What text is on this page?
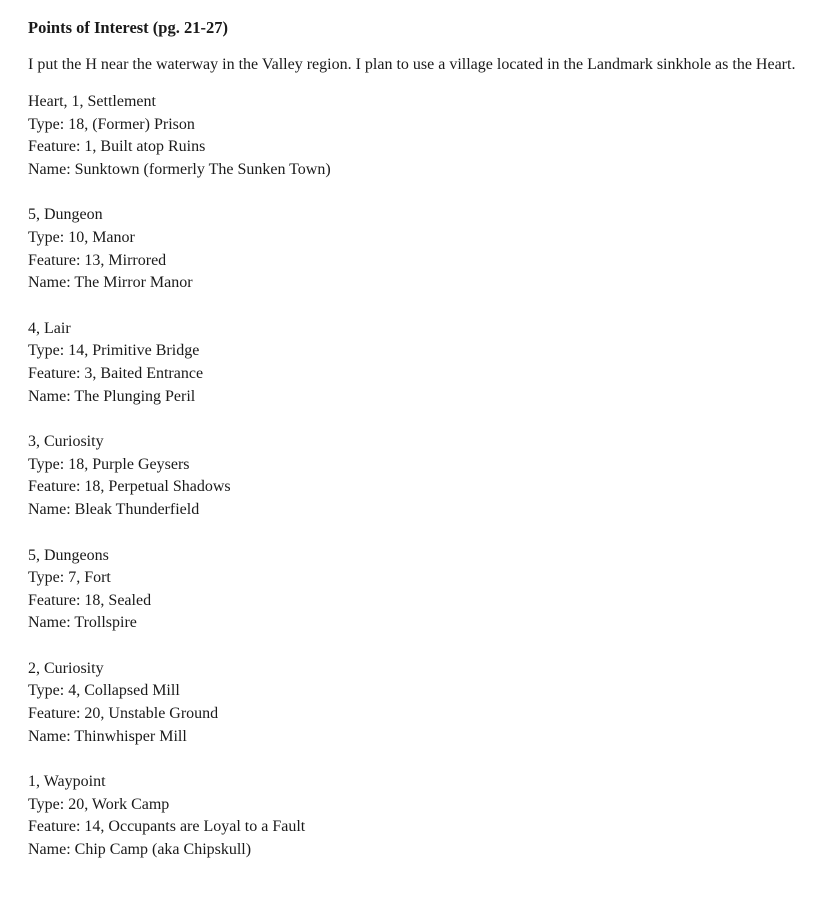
Points of Interest (pg. 21-27)

I put the H near the waterway in the Valley region. I plan to use a village located in the Landmark sinkhole as the Heart.

Heart, 1, Settlement
Type: 18, (Former) Prison
Feature: 1, Built atop Ruins
Name: Sunktown (formerly The Sunken Town)
5, Dungeon
Type: 10, Manor
Feature: 13, Mirrored
Name: The Mirror Manor
4, Lair
Type: 14, Primitive Bridge
Feature: 3, Baited Entrance
Name: The Plunging Peril
3, Curiosity
Type: 18, Purple Geysers
Feature: 18, Perpetual Shadows
Name: Bleak Thunderfield
5, Dungeons
Type: 7, Fort
Feature: 18, Sealed
Name: Trollspire
2, Curiosity
Type: 4, Collapsed Mill
Feature: 20, Unstable Ground
Name: Thinwhisper Mill
1, Waypoint
Type: 20, Work Camp
Feature: 14, Occupants are Loyal to a Fault
Name: Chip Camp (aka Chipskull)
